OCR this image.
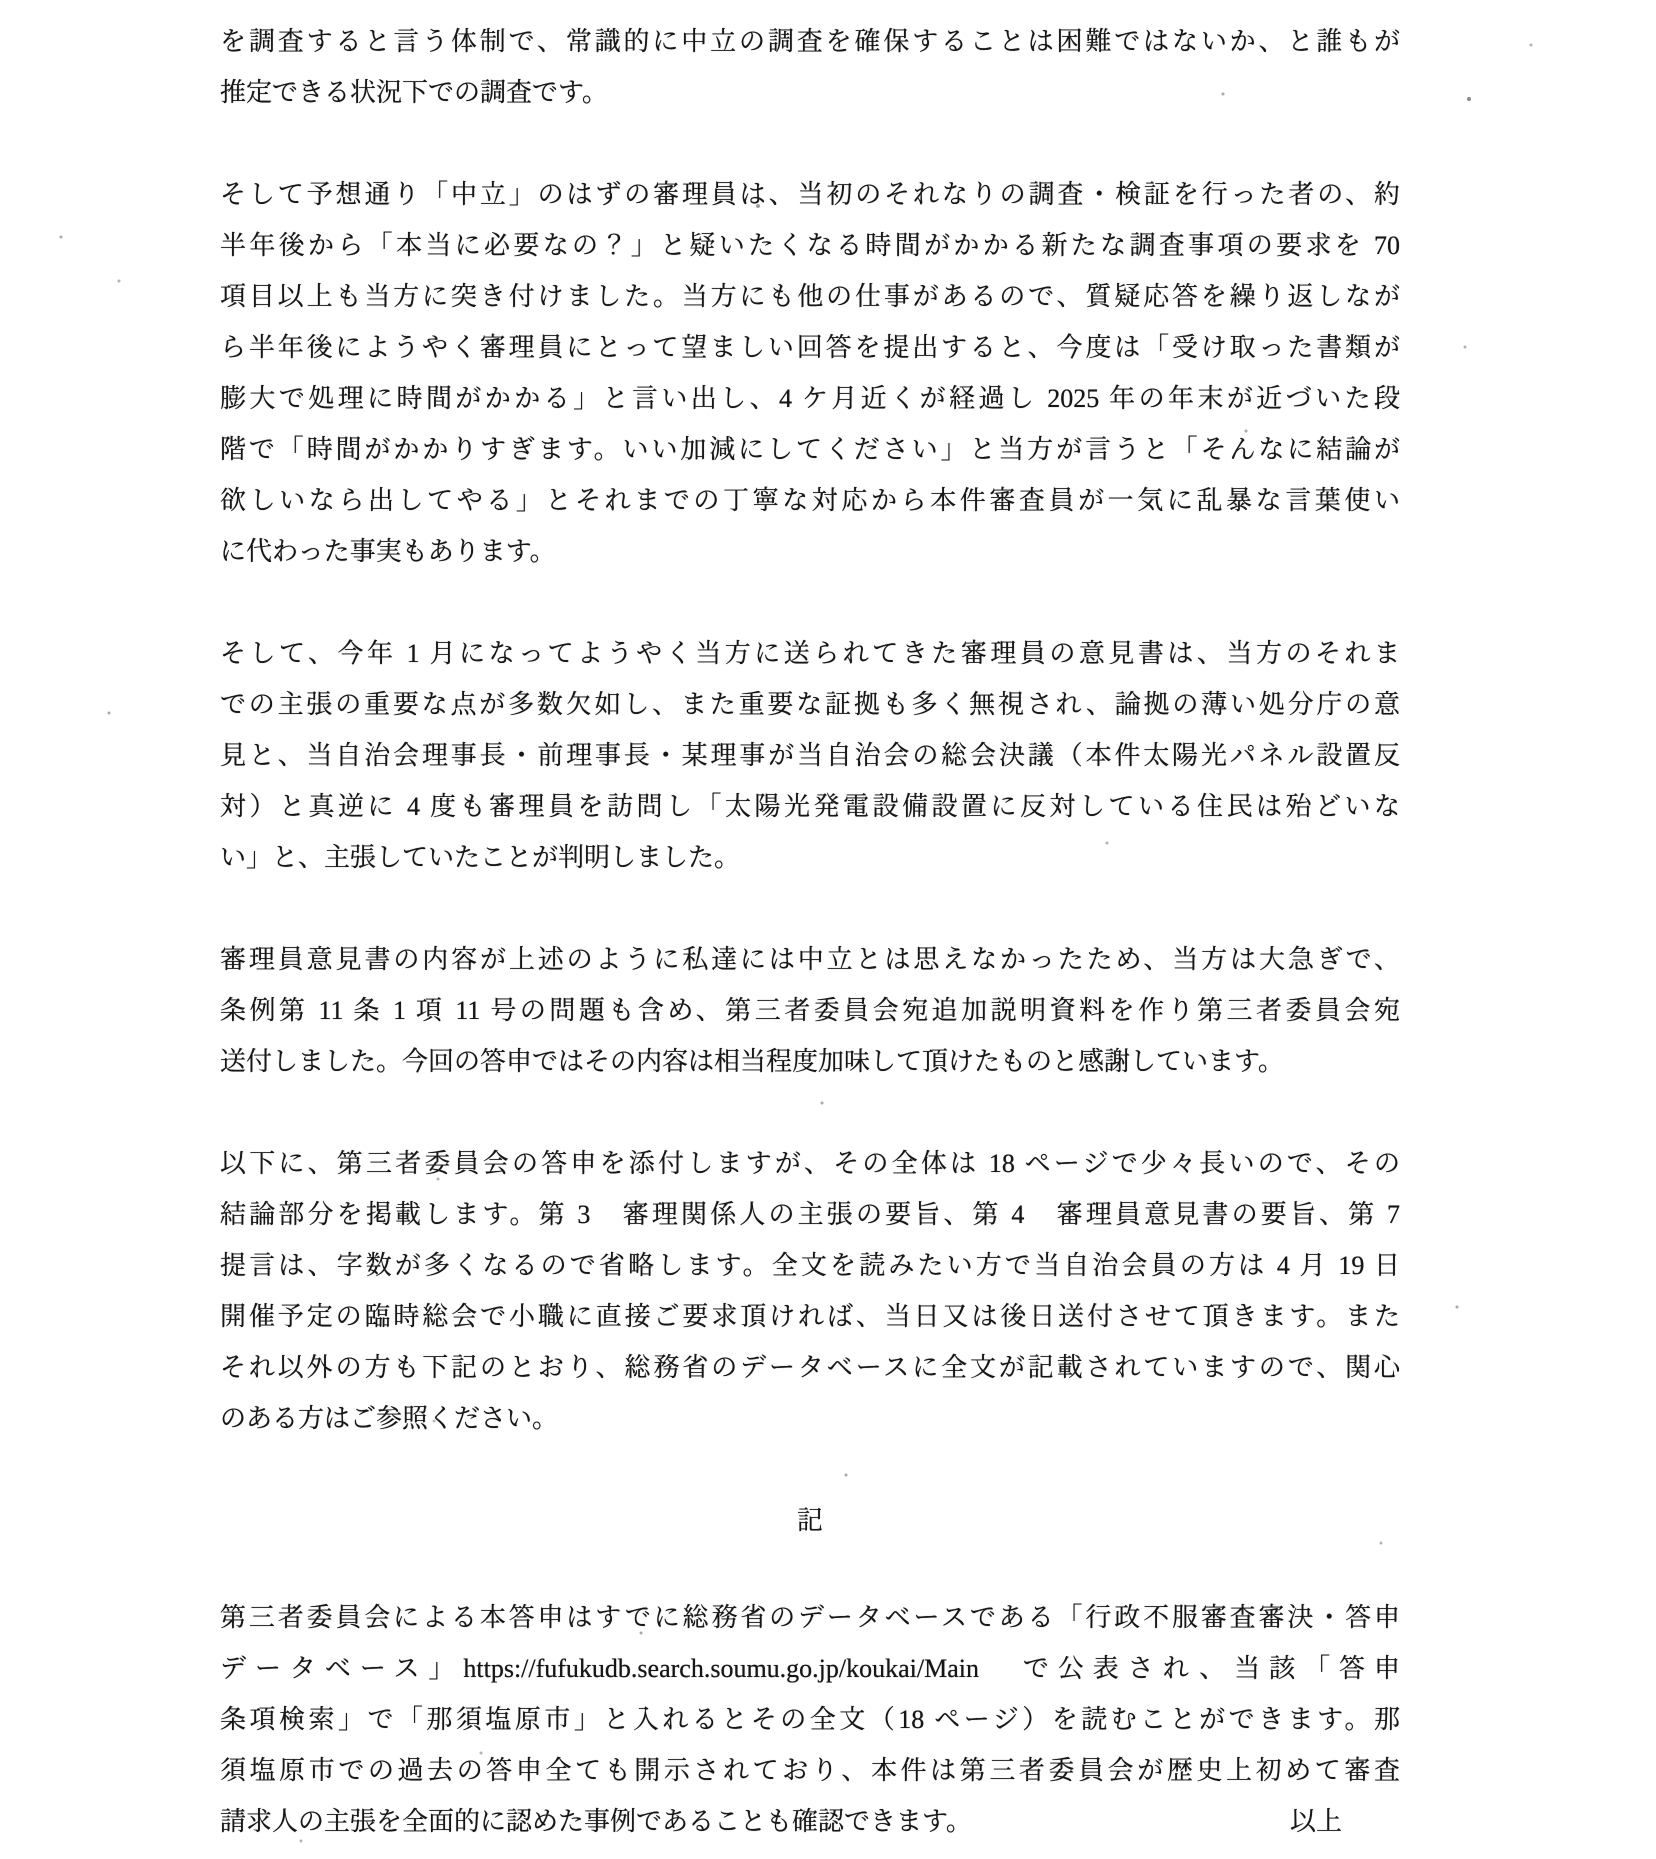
を調査すると言う体制で、常識的に中立の調査を確保することは困難ではないか、と誰もが
推定できる状況下での調査です。
そして予想通り「中立」のはずの審理員は、当初のそれなりの調査・検証を行った者の、約
半年後から「本当に必要なの？」と疑いたくなる時間がかかる新たな調査事項の要求を 70
項目以上も当方に突き付けました。当方にも他の仕事があるので、質疑応答を繰り返しなが
ら半年後にようやく審理員にとって望ましい回答を提出すると、今度は「受け取った書類が
膨大で処理に時間がかかる」と言い出し、4 ケ月近くが経過し 2025 年の年末が近づいた段
階で「時間がかかりすぎます。いい加減にしてください」と当方が言うと「そんなに結論が
欲しいなら出してやる」とそれまでの丁寧な対応から本件審査員が一気に乱暴な言葉使い
に代わった事実もあります。
そして、今年 1 月になってようやく当方に送られてきた審理員の意見書は、当方のそれま
での主張の重要な点が多数欠如し、また重要な証拠も多く無視され、論拠の薄い処分庁の意
見と、当自治会理事長・前理事長・某理事が当自治会の総会決議（本件太陽光パネル設置反
対）と真逆に 4 度も審理員を訪問し「太陽光発電設備設置に反対している住民は殆どいな
い」と、主張していたことが判明しました。
審理員意見書の内容が上述のように私達には中立とは思えなかったため、当方は大急ぎで、
条例第 11 条 1 項 11 号の問題も含め、第三者委員会宛追加説明資料を作り第三者委員会宛
送付しました。今回の答申ではその内容は相当程度加味して頂けたものと感謝しています。
以下に、第三者委員会の答申を添付しますが、その全体は 18 ページで少々長いので、その
結論部分を掲載します。第 3　審理関係人の主張の要旨、第 4　審理員意見書の要旨、第 7
提言は、字数が多くなるので省略します。全文を読みたい方で当自治会員の方は 4 月 19 日
開催予定の臨時総会で小職に直接ご要求頂ければ、当日又は後日送付させて頂きます。また
それ以外の方も下記のとおり、総務省のデータベースに全文が記載されていますので、関心
のある方はご参照ください。
記
第三者委員会による本答申はすでに総務省のデータベースである「行政不服審査審決・答申
データベース」https://fufukudb.search.soumu.go.jp/koukai/Main　で公表され、当該「答申
条項検索」で「那須塩原市」と入れるとその全文（18 ページ）を読むことができます。那
須塩原市での過去の答申全ても開示されており、本件は第三者委員会が歴史上初めて審査
請求人の主張を全面的に認めた事例であることも確認できます。	以上
